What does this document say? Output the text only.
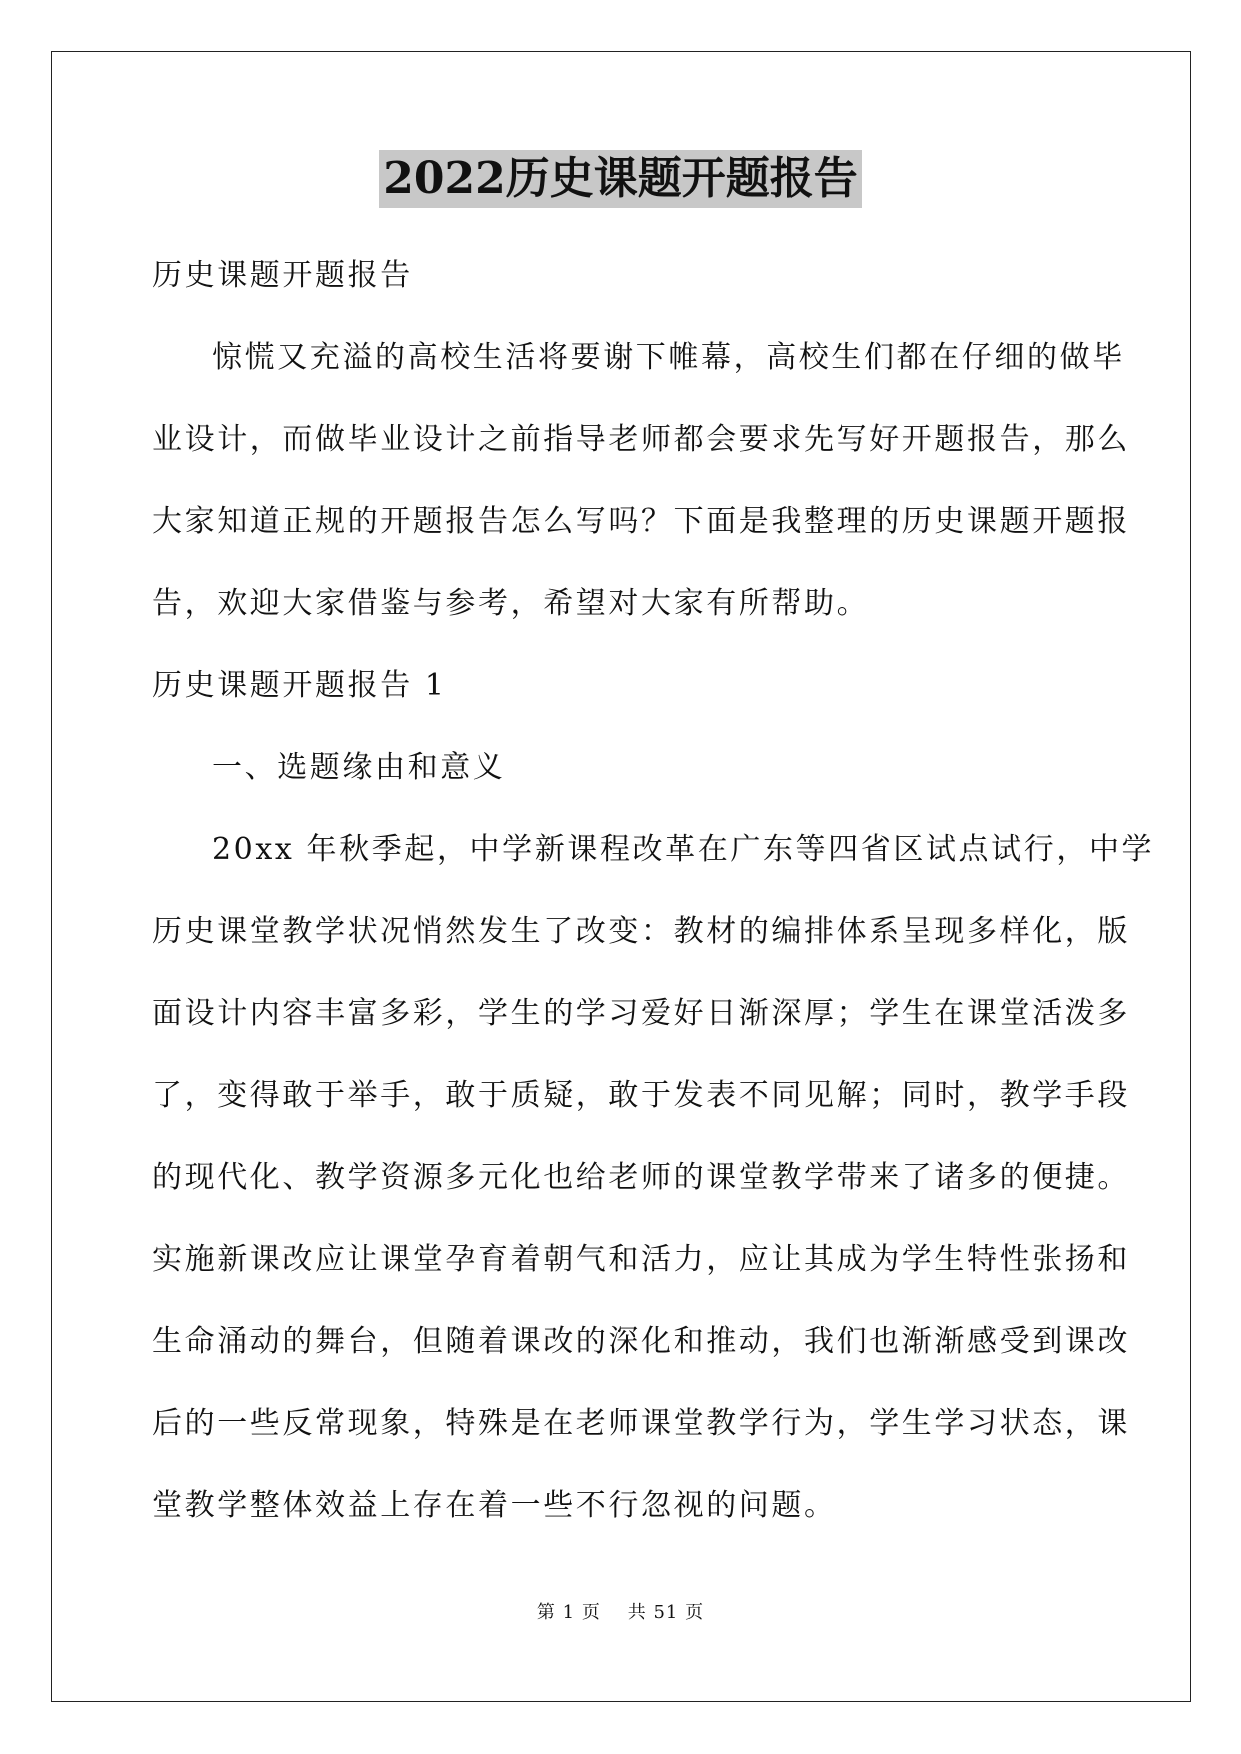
2022历史课题开题报告
历史课题开题报告
惊慌又充溢的高校生活将要谢下帷幕，高校生们都在仔细的做毕
业设计，而做毕业设计之前指导老师都会要求先写好开题报告，那么
大家知道正规的开题报告怎么写吗？下面是我整理的历史课题开题报
告，欢迎大家借鉴与参考，希望对大家有所帮助。
历史课题开题报告 1
一、选题缘由和意义
20xx 年秋季起，中学新课程改革在广东等四省区试点试行，中学
历史课堂教学状况悄然发生了改变：教材的编排体系呈现多样化，版
面设计内容丰富多彩，学生的学习爱好日渐深厚；学生在课堂活泼多
了，变得敢于举手，敢于质疑，敢于发表不同见解；同时，教学手段
的现代化、教学资源多元化也给老师的课堂教学带来了诸多的便捷。
实施新课改应让课堂孕育着朝气和活力，应让其成为学生特性张扬和
生命涌动的舞台，但随着课改的深化和推动，我们也渐渐感受到课改
后的一些反常现象，特殊是在老师课堂教学行为，学生学习状态，课
堂教学整体效益上存在着一些不行忽视的问题。
第 1 页 共 51 页
